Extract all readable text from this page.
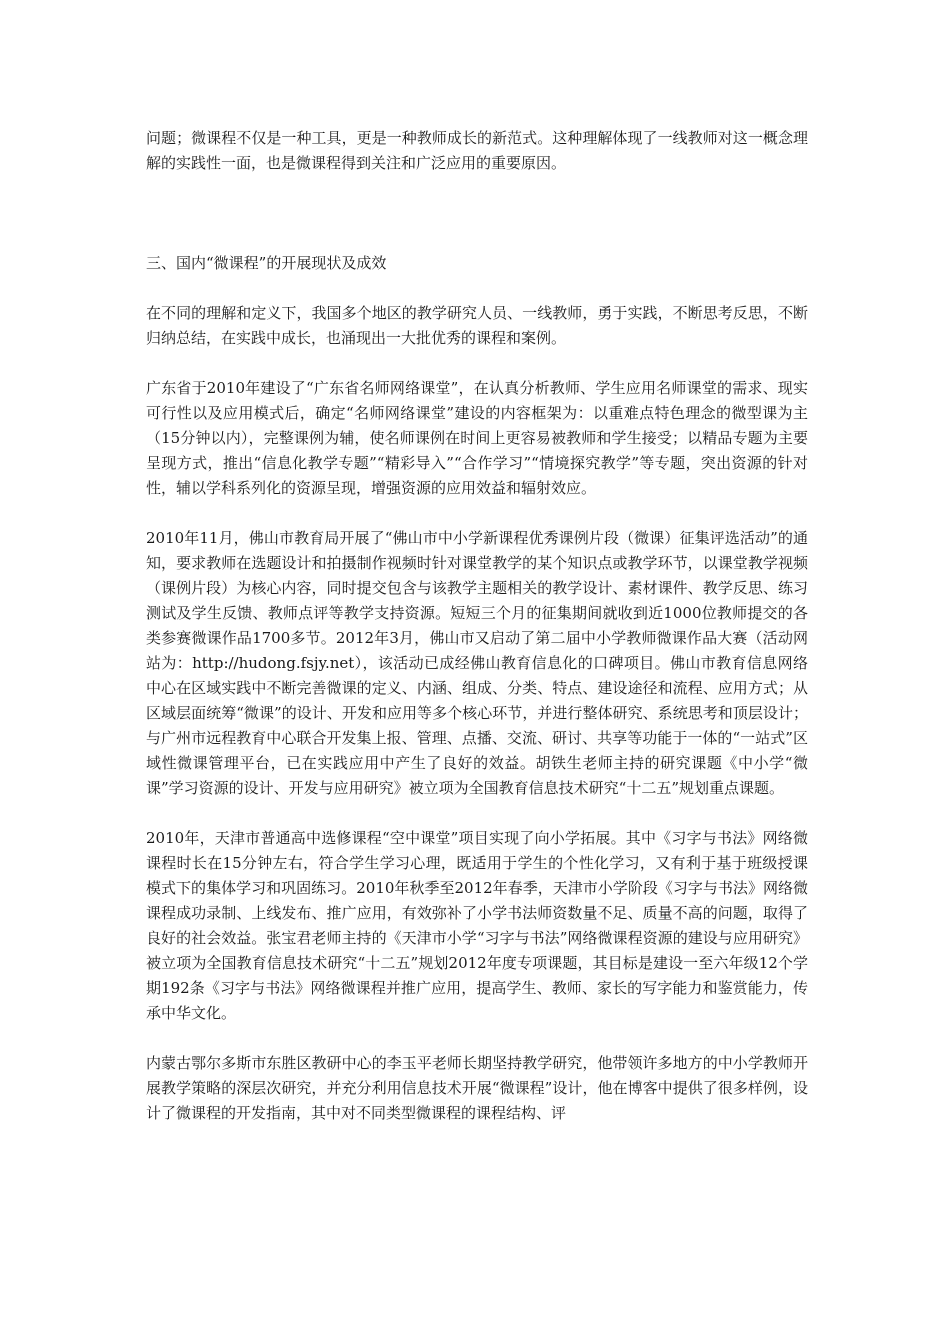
问题；微课程不仅是一种工具，更是一种教师成长的新范式。这种理解体现了一线教师对这一概念理解的实践性一面，也是微课程得到关注和广泛应用的重要原因。

三、国内“微课程”的开展现状及成效

在不同的理解和定义下，我国多个地区的教学研究人员、一线教师，勇于实践，不断思考反思，不断归纳总结，在实践中成长，也涌现出一大批优秀的课程和案例。

广东省于2010年建设了“广东省名师网络课堂”，在认真分析教师、学生应用名师课堂的需求、现实可行性以及应用模式后，确定“名师网络课堂”建设的内容框架为：以重难点特色理念的微型课为主（15分钟以内），完整课例为辅，使名师课例在时间上更容易被教师和学生接受；以精品专题为主要呈现方式，推出“信息化教学专题”“精彩导入”“合作学习”“情境探究教学”等专题，突出资源的针对性，辅以学科系列化的资源呈现，增强资源的应用效益和辐射效应。

2010年11月，佛山市教育局开展了“佛山市中小学新课程优秀课例片段（微课）征集评选活动”的通知，要求教师在选题设计和拍摄制作视频时针对课堂教学的某个知识点或教学环节，以课堂教学视频（课例片段）为核心内容，同时提交包含与该教学主题相关的教学设计、素材课件、教学反思、练习测试及学生反馈、教师点评等教学支持资源。短短三个月的征集期间就收到近1000位教师提交的各类参赛微课作品1700多节。2012年3月，佛山市又启动了第二届中小学教师微课作品大赛（活动网站为：http://hudong.fsjy.net），该活动已成经佛山教育信息化的口碑项目。佛山市教育信息网络中心在区域实践中不断完善微课的定义、内涵、组成、分类、特点、建设途径和流程、应用方式；从区域层面统筹“微课”的设计、开发和应用等多个核心环节，并进行整体研究、系统思考和顶层设计；与广州市远程教育中心联合开发集上报、管理、点播、交流、研讨、共享等功能于一体的“一站式”区域性微课管理平台，已在实践应用中产生了良好的效益。胡铁生老师主持的研究课题《中小学“微课”学习资源的设计、开发与应用研究》被立项为全国教育信息技术研究“十二五”规划重点课题。

2010年，天津市普通高中选修课程“空中课堂”项目实现了向小学拓展。其中《习字与书法》网络微课程时长在15分钟左右，符合学生学习心理，既适用于学生的个性化学习，又有利于基于班级授课模式下的集体学习和巩固练习。2010年秋季至2012年春季，天津市小学阶段《习字与书法》网络微课程成功录制、上线发布、推广应用，有效弥补了小学书法师资数量不足、质量不高的问题，取得了良好的社会效益。张宝君老师主持的《天津市小学“习字与书法”网络微课程资源的建设与应用研究》被立项为全国教育信息技术研究“十二五”规划2012年度专项课题，其目标是建设一至六年级12个学期192条《习字与书法》网络微课程并推广应用，提高学生、教师、家长的写字能力和鉴赏能力，传承中华文化。

内蒙古鄂尔多斯市东胜区教研中心的李玉平老师长期坚持教学研究，他带领许多地方的中小学教师开展教学策略的深层次研究，并充分利用信息技术开展“微课程”设计，他在博客中提供了很多样例，设计了微课程的开发指南，其中对不同类型微课程的课程结构、评
